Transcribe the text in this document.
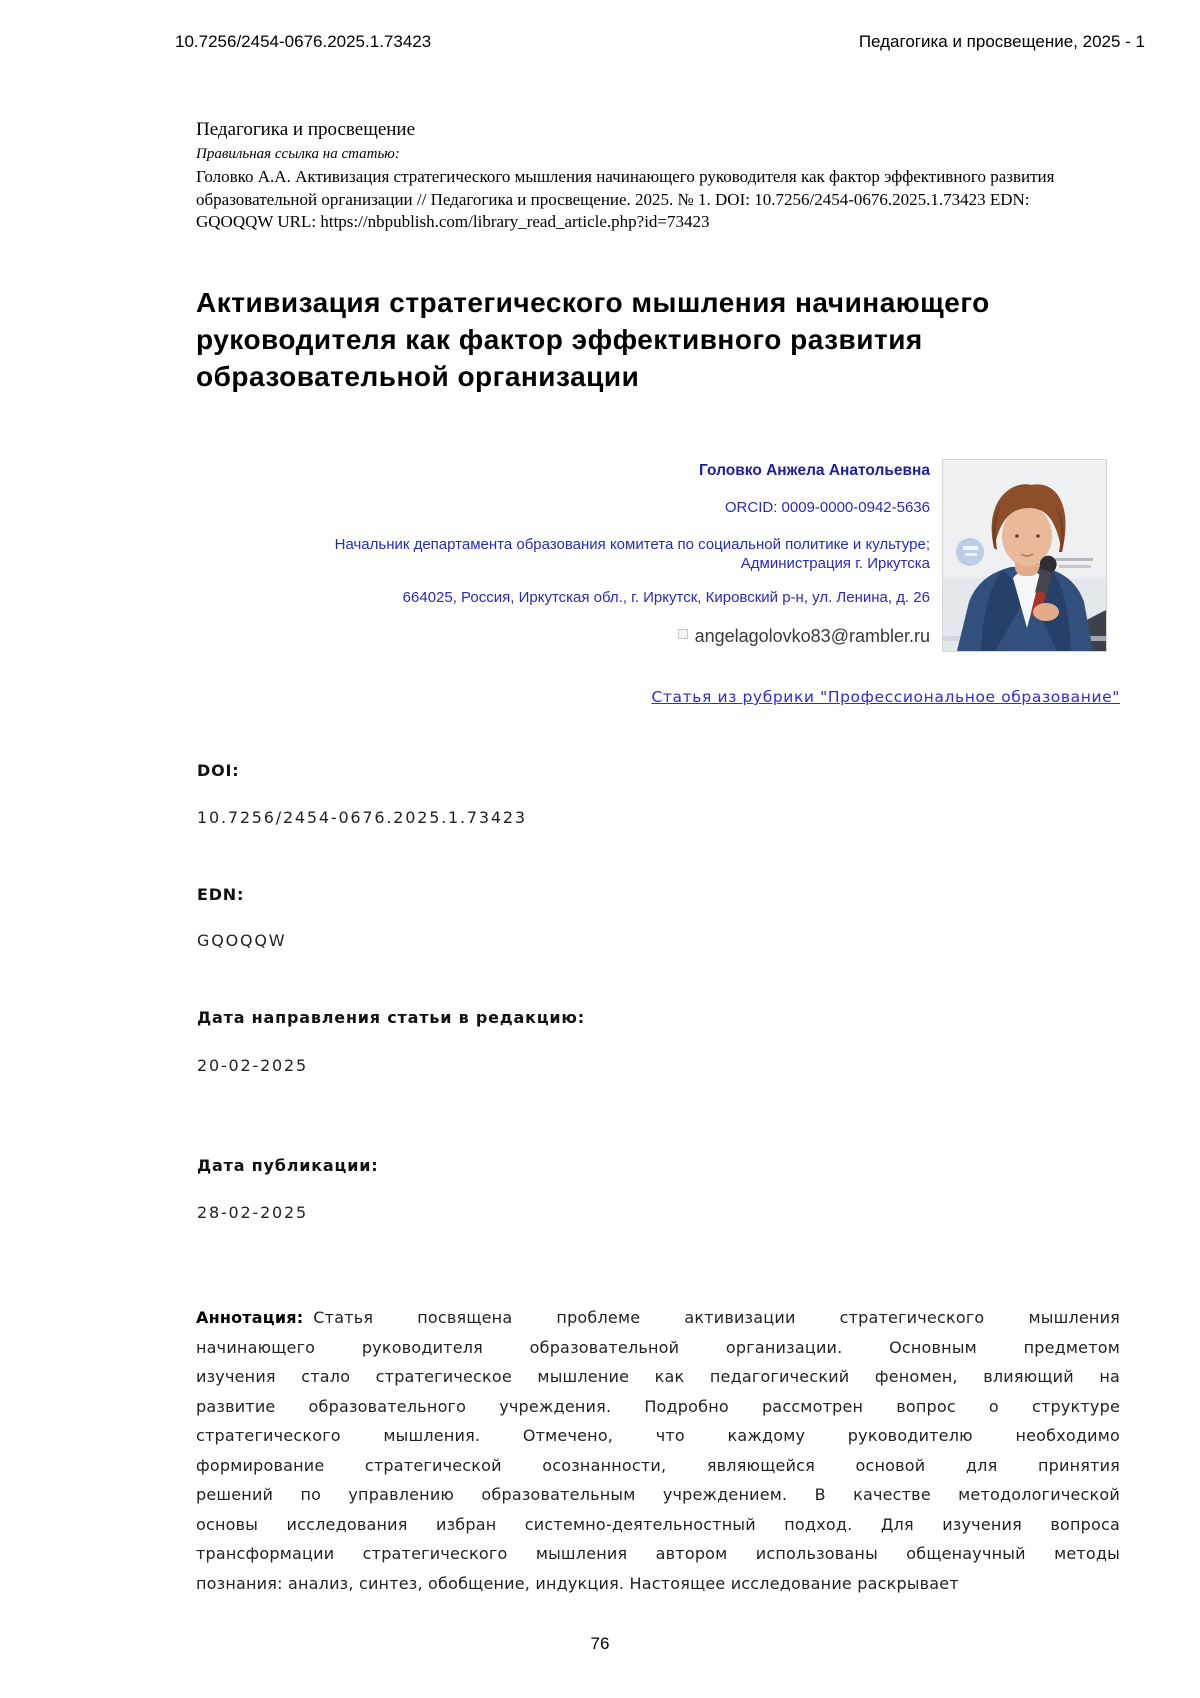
10.7256/2454-0676.2025.1.73423	Педагогика и просвещение, 2025 - 1
Педагогика и просвещение
Правильная ссылка на статью:
Головко А.А. Активизация стратегического мышления начинающего руководителя как фактор эффективного развития образовательной организации // Педагогика и просвещение. 2025. № 1. DOI: 10.7256/2454-0676.2025.1.73423 EDN: GQOQQW URL: https://nbpublish.com/library_read_article.php?id=73423
Активизация стратегического мышления начинающего руководителя как фактор эффективного развития образовательной организации
Головко Анжела Анатольевна
ORCID: 0009-0000-0942-5636
Начальник департамента образования комитета по социальной политике и культуре;
Администрация г. Иркутска
664025, Россия, Иркутская обл., г. Иркутск, Кировский р-н, ул. Ленина, д. 26
angelagolovko83@rambler.ru
Статья из рубрики "Профессиональное образование"
DOI:
10.7256/2454-0676.2025.1.73423
EDN:
GQOQQW
Дата направления статьи в редакцию:
20-02-2025
Дата публикации:
28-02-2025
Аннотация: Статья посвящена проблеме активизации стратегического мышления
начинающего руководителя образовательной организации. Основным предметом
изучения стало стратегическое мышление как педагогический феномен, влияющий на
развитие образовательного учреждения. Подробно рассмотрен вопрос о структуре
стратегического мышления. Отмечено, что каждому руководителю необходимо
формирование стратегической осознанности, являющейся основой для принятия
решений по управлению образовательным учреждением. В качестве методологической
основы исследования избран системно-деятельностный подход. Для изучения вопроса
трансформации стратегического мышления автором использованы общенаучный методы
познания: анализ, синтез, обобщение, индукция. Настоящее исследование раскрывает
76
